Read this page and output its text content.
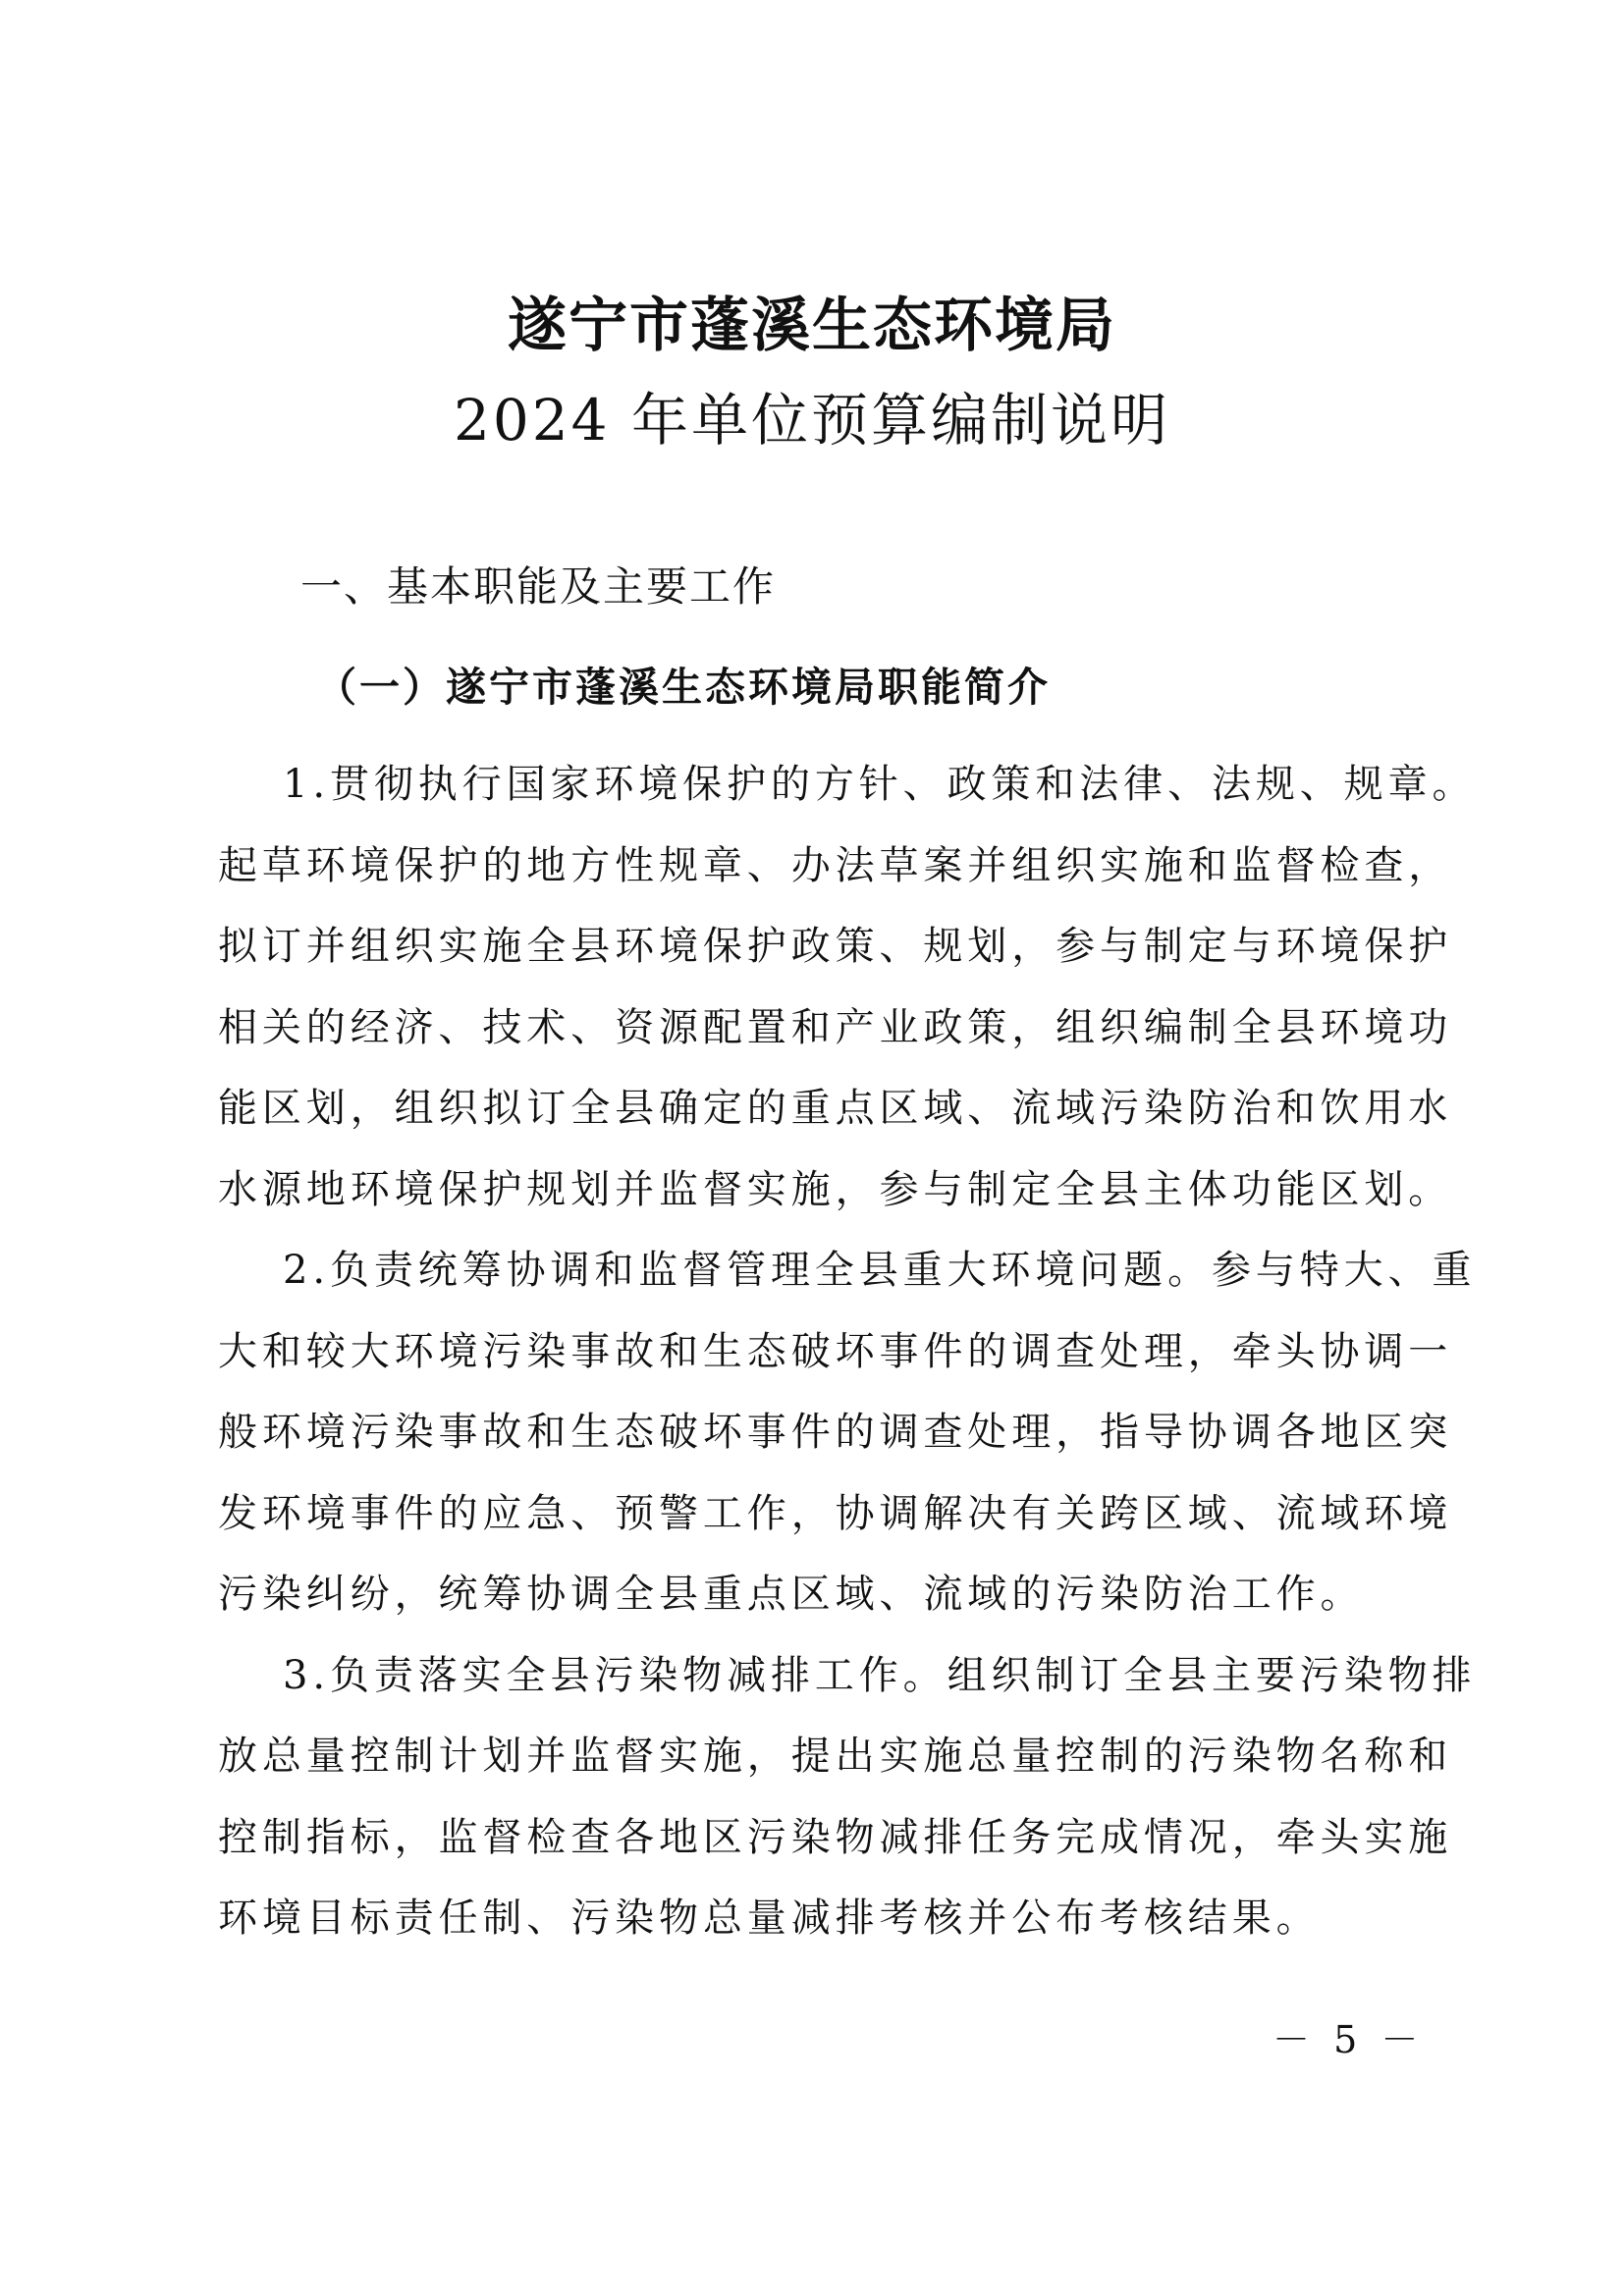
遂宁市蓬溪生态环境局
2024 年单位预算编制说明
一、基本职能及主要工作
（一）遂宁市蓬溪生态环境局职能简介
1.贯彻执行国家环境保护的方针、政策和法律、法规、规章。
起草环境保护的地方性规章、办法草案并组织实施和监督检查，
拟订并组织实施全县环境保护政策、规划，参与制定与环境保护
相关的经济、技术、资源配置和产业政策，组织编制全县环境功
能区划，组织拟订全县确定的重点区域、流域污染防治和饮用水
水源地环境保护规划并监督实施，参与制定全县主体功能区划。
2.负责统筹协调和监督管理全县重大环境问题。参与特大、重
大和较大环境污染事故和生态破坏事件的调查处理，牵头协调一
般环境污染事故和生态破坏事件的调查处理，指导协调各地区突
发环境事件的应急、预警工作，协调解决有关跨区域、流域环境
污染纠纷，统筹协调全县重点区域、流域的污染防治工作。
3.负责落实全县污染物减排工作。组织制订全县主要污染物排
放总量控制计划并监督实施，提出实施总量控制的污染物名称和
控制指标，监督检查各地区污染物减排任务完成情况，牵头实施
环境目标责任制、污染物总量减排考核并公布考核结果。
－ 5 －
